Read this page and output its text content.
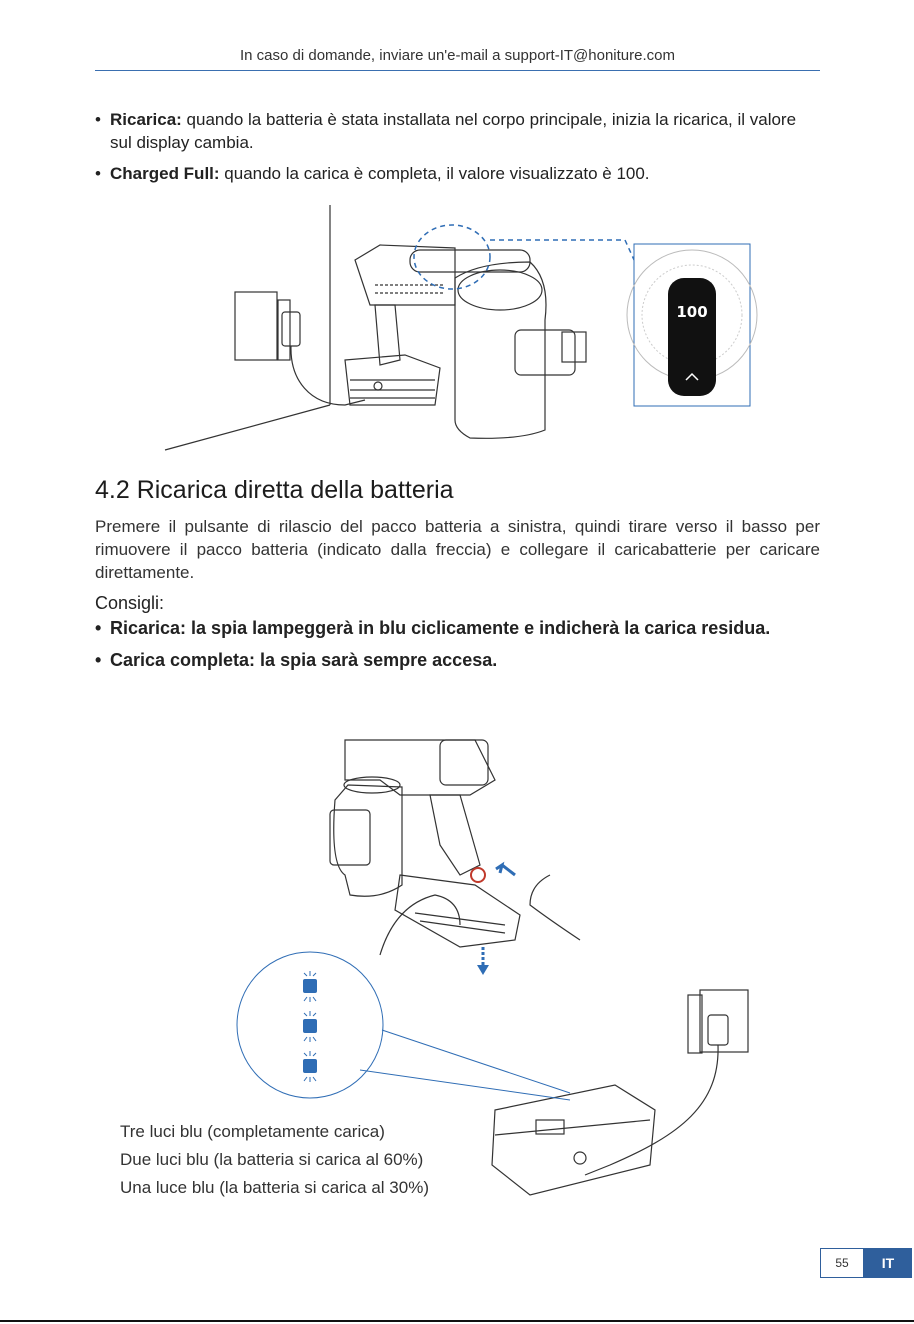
In caso di domande, inviare un'e-mail a support-IT@honiture.com
• Ricarica: quando la batteria è stata installata nel corpo principale, inizia la ricarica, il valore sul display cambia.
• Charged Full: quando la carica è completa, il valore visualizzato è 100.
100
4.2 Ricarica diretta della batteria
Premere il pulsante di rilascio del pacco batteria a sinistra, quindi tirare verso il basso per rimuovere il pacco batteria (indicato dalla freccia) e collegare il caricabatterie per caricare direttamente.
Consigli:
• Ricarica: la spia lampeggerà in blu ciclicamente e indicherà la carica residua.
• Carica completa: la spia sarà sempre accesa.
Tre luci blu (completamente carica)
Due luci blu (la batteria si carica al 60%)
Una luce blu (la batteria si carica al 30%)
55	IT
